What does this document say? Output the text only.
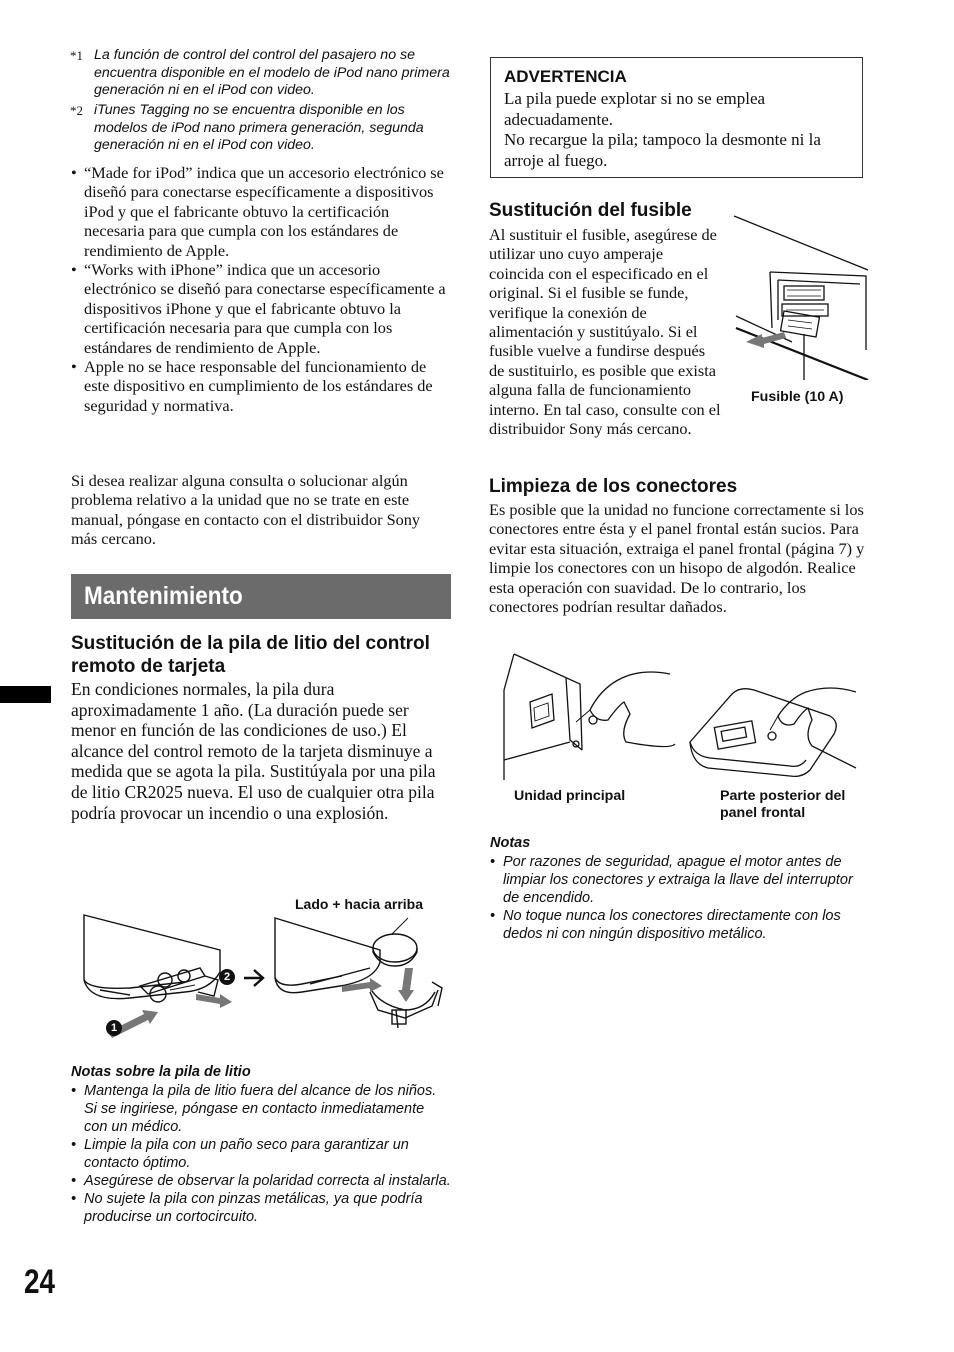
*1 La función de control del control del pasajero no se encuentra disponible en el modelo de iPod nano primera generación ni en el iPod con video.
*2 iTunes Tagging no se encuentra disponible en los modelos de iPod nano primera generación, segunda generación ni en el iPod con video.
• “Made for iPod” indica que un accesorio electrónico se diseñó para conectarse específicamente a dispositivos iPod y que el fabricante obtuvo la certificación necesaria para que cumpla con los estándares de rendimiento de Apple.
• “Works with iPhone” indica que un accesorio electrónico se diseñó para conectarse específicamente a dispositivos iPhone y que el fabricante obtuvo la certificación necesaria para que cumpla con los estándares de rendimiento de Apple.
• Apple no se hace responsable del funcionamiento de este dispositivo en cumplimiento de los estándares de seguridad y normativa.

Si desea realizar alguna consulta o solucionar algún problema relativo a la unidad que no se trate en este manual, póngase en contacto con el distribuidor Sony más cercano.

Mantenimiento
Sustitución de la pila de litio del control remoto de tarjeta

En condiciones normales, la pila dura aproximadamente 1 año. (La duración puede ser menor en función de las condiciones de uso.) El alcance del control remoto de la tarjeta disminuye a medida que se agota la pila. Sustitúyala por una pila de litio CR2025 nueva. El uso de cualquier otra pila podría provocar un incendio o una explosión.

Lado + hacia arriba
2
1
Notas sobre la pila de litio
• Mantenga la pila de litio fuera del alcance de los niños. Si se ingiriese, póngase en contacto inmediatamente con un médico.
• Limpie la pila con un paño seco para garantizar un contacto óptimo.
• Asegúrese de observar la polaridad correcta al instalarla.
• No sujete la pila con pinzas metálicas, ya que podría producirse un cortocircuito.
24
ADVERTENCIA
La pila puede explotar si no se emplea adecuadamente.
No recargue la pila; tampoco la desmonte ni la arroje al fuego.
Sustitución del fusible

Al sustituir el fusible, asegúrese de utilizar uno cuyo amperaje coincida con el especificado en el original. Si el fusible se funde, verifique la conexión de alimentación y sustitúyalo. Si el fusible vuelve a fundirse después de sustituirlo, es posible que exista alguna falla de funcionamiento interno. En tal caso, consulte con el distribuidor Sony más cercano.

Fusible (10 A)
Limpieza de los conectores

Es posible que la unidad no funcione correctamente si los conectores entre ésta y el panel frontal están sucios. Para evitar esta situación, extraiga el panel frontal (página 7) y limpie los conectores con un hisopo de algodón. Realice esta operación con suavidad. De lo contrario, los conectores podrían resultar dañados.

Unidad principal	Parte posterior del panel frontal
Notas
• Por razones de seguridad, apague el motor antes de limpiar los conectores y extraiga la llave del interruptor de encendido.
• No toque nunca los conectores directamente con los dedos ni con ningún dispositivo metálico.
